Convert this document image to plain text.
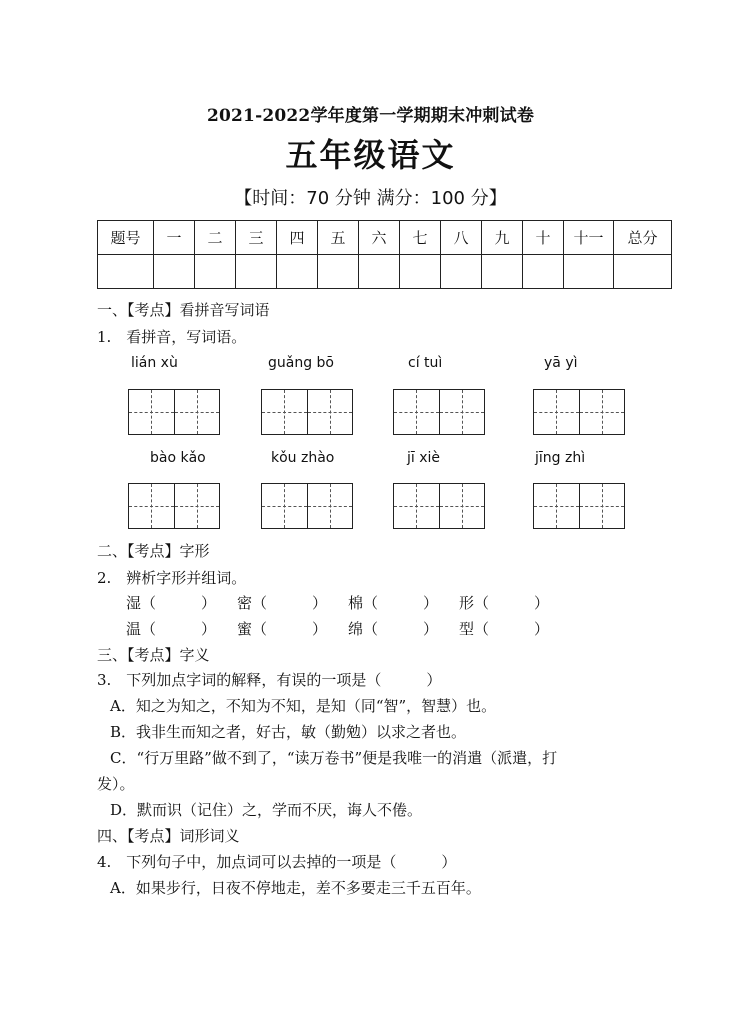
2021-2022学年度第一学期期末冲刺试卷
五年级语文
【时间：70 分钟 满分：100 分】
题号	一	二	三	四	五	六	七	八	九	十	十一	总分

一、【考点】看拼音写词语
1.　看拼音，写词语。
lián xù	guǎng bō	cí tuì	yā yì
bào kǎo	kǒu zhào	jī xiè	jīng zhì
二、【考点】字形
2.　辨析字形并组词。
湿（　　　） 密（　　　） 棉（　　　） 形（　　　）
温（　　　） 蜜（　　　） 绵（　　　） 型（　　　）
三、【考点】字义
3.　下列加点字词的解释，有误的一项是（　　　）
A．知之为知之，不知为不知，是知（同“智”，智慧）也。
B．我非生而知之者，好古，敏（勤勉）以求之者也。
C．“行万里路”做不到了，“读万卷书”便是我唯一的消遣（派遣，打
发）。
D．默而识（记住）之，学而不厌，诲人不倦。
四、【考点】词形词义
4.　下列句子中，加点词可以去掉的一项是（　　　）
A．如果步行，日夜不停地走，差不多要走三千五百年。
